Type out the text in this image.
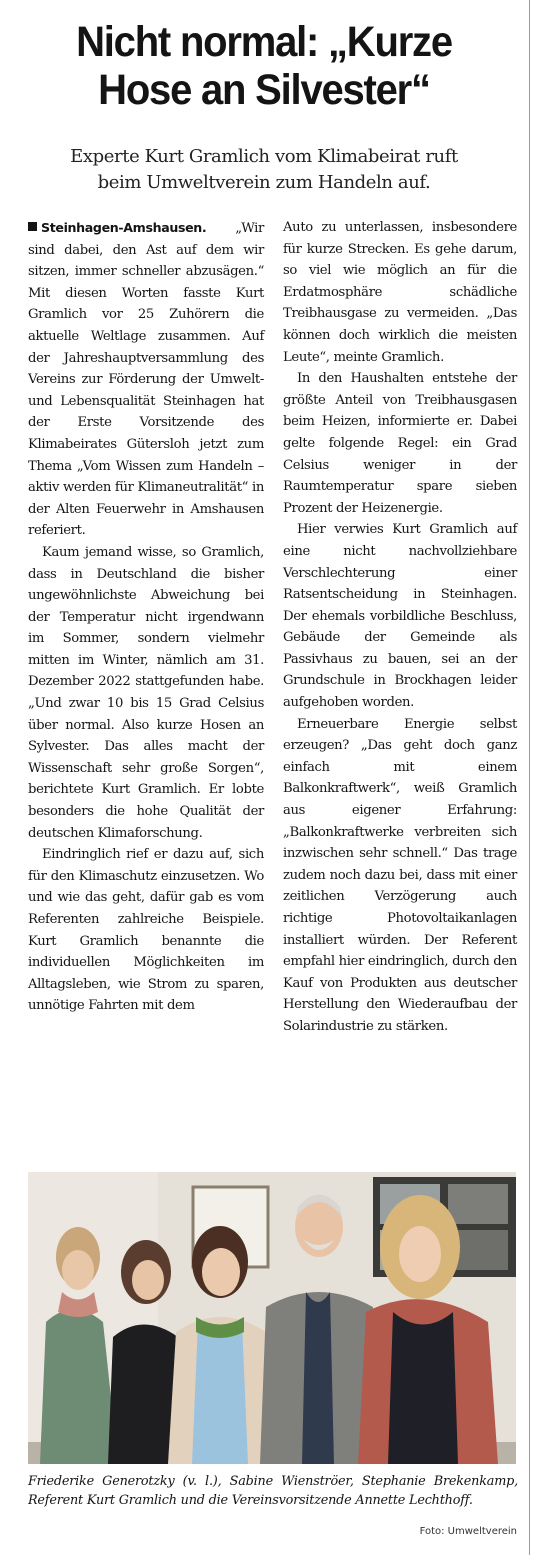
Nicht normal: „Kurze
Hose an Silvester“

Experte Kurt Gramlich vom Klimabeirat ruft
beim Umweltverein zum Handeln auf.

Steinhagen-Amshausen. „Wir sind dabei, den Ast auf dem wir sitzen, immer schneller abzusägen.“ Mit diesen Worten fasste Kurt Gramlich vor 25 Zuhörern die aktuelle Weltlage zusammen. Auf der Jahreshauptversammlung des Vereins zur Förderung der Umwelt- und Lebensqualität Steinhagen hat der Erste Vorsitzende des Klimabeirates Gütersloh jetzt zum Thema „Vom Wissen zum Handeln – aktiv werden für Klimaneutralität“ in der Alten Feuerwehr in Amshausen referiert.

Kaum jemand wisse, so Gramlich, dass in Deutschland die bisher ungewöhnlichste Abweichung bei der Temperatur nicht irgendwann im Sommer, sondern vielmehr mitten im Winter, nämlich am 31. Dezember 2022 stattgefunden habe. „Und zwar 10 bis 15 Grad Celsius über normal. Also kurze Hosen an Sylvester. Das alles macht der Wissenschaft sehr große Sorgen“, berichtete Kurt Gramlich. Er lobte besonders die hohe Qualität der deutschen Klimaforschung.

Eindringlich rief er dazu auf, sich für den Klimaschutz einzusetzen. Wo und wie das geht, dafür gab es vom Referenten zahlreiche Beispiele. Kurt Gramlich benannte die individuellen Möglichkeiten im Alltagsleben, wie Strom zu sparen, unnötige Fahrten mit dem

Auto zu unterlassen, insbesondere für kurze Strecken. Es gehe darum, so viel wie möglich an für die Erdatmosphäre schädliche Treibhausgase zu vermeiden. „Das können doch wirklich die meisten Leute“, meinte Gramlich.

In den Haushalten entstehe der größte Anteil von Treibhausgasen beim Heizen, informierte er. Dabei gelte folgende Regel: ein Grad Celsius weniger in der Raumtemperatur spare sieben Prozent der Heizenergie.

Hier verwies Kurt Gramlich auf eine nicht nachvollziehbare Verschlechterung einer Ratsentscheidung in Steinhagen. Der ehemals vorbildliche Beschluss, Gebäude der Gemeinde als Passivhaus zu bauen, sei an der Grundschule in Brockhagen leider aufgehoben worden.

Erneuerbare Energie selbst erzeugen? „Das geht doch ganz einfach mit einem Balkonkraftwerk“, weiß Gramlich aus eigener Erfahrung: „Balkonkraftwerke verbreiten sich inzwischen sehr schnell.“ Das trage zudem noch dazu bei, dass mit einer zeitlichen Verzögerung auch richtige Photovoltaikanlagen installiert würden. Der Referent empfahl hier eindringlich, durch den Kauf von Produkten aus deutscher Herstellung den Wiederaufbau der Solarindustrie zu stärken.

Friederike Generotzky (v. l.), Sabine Wienströer, Stephanie Brekenkamp, Referent Kurt Gramlich und die Vereinsvorsitzende Annette Lechthoff.

Foto: Umweltverein
